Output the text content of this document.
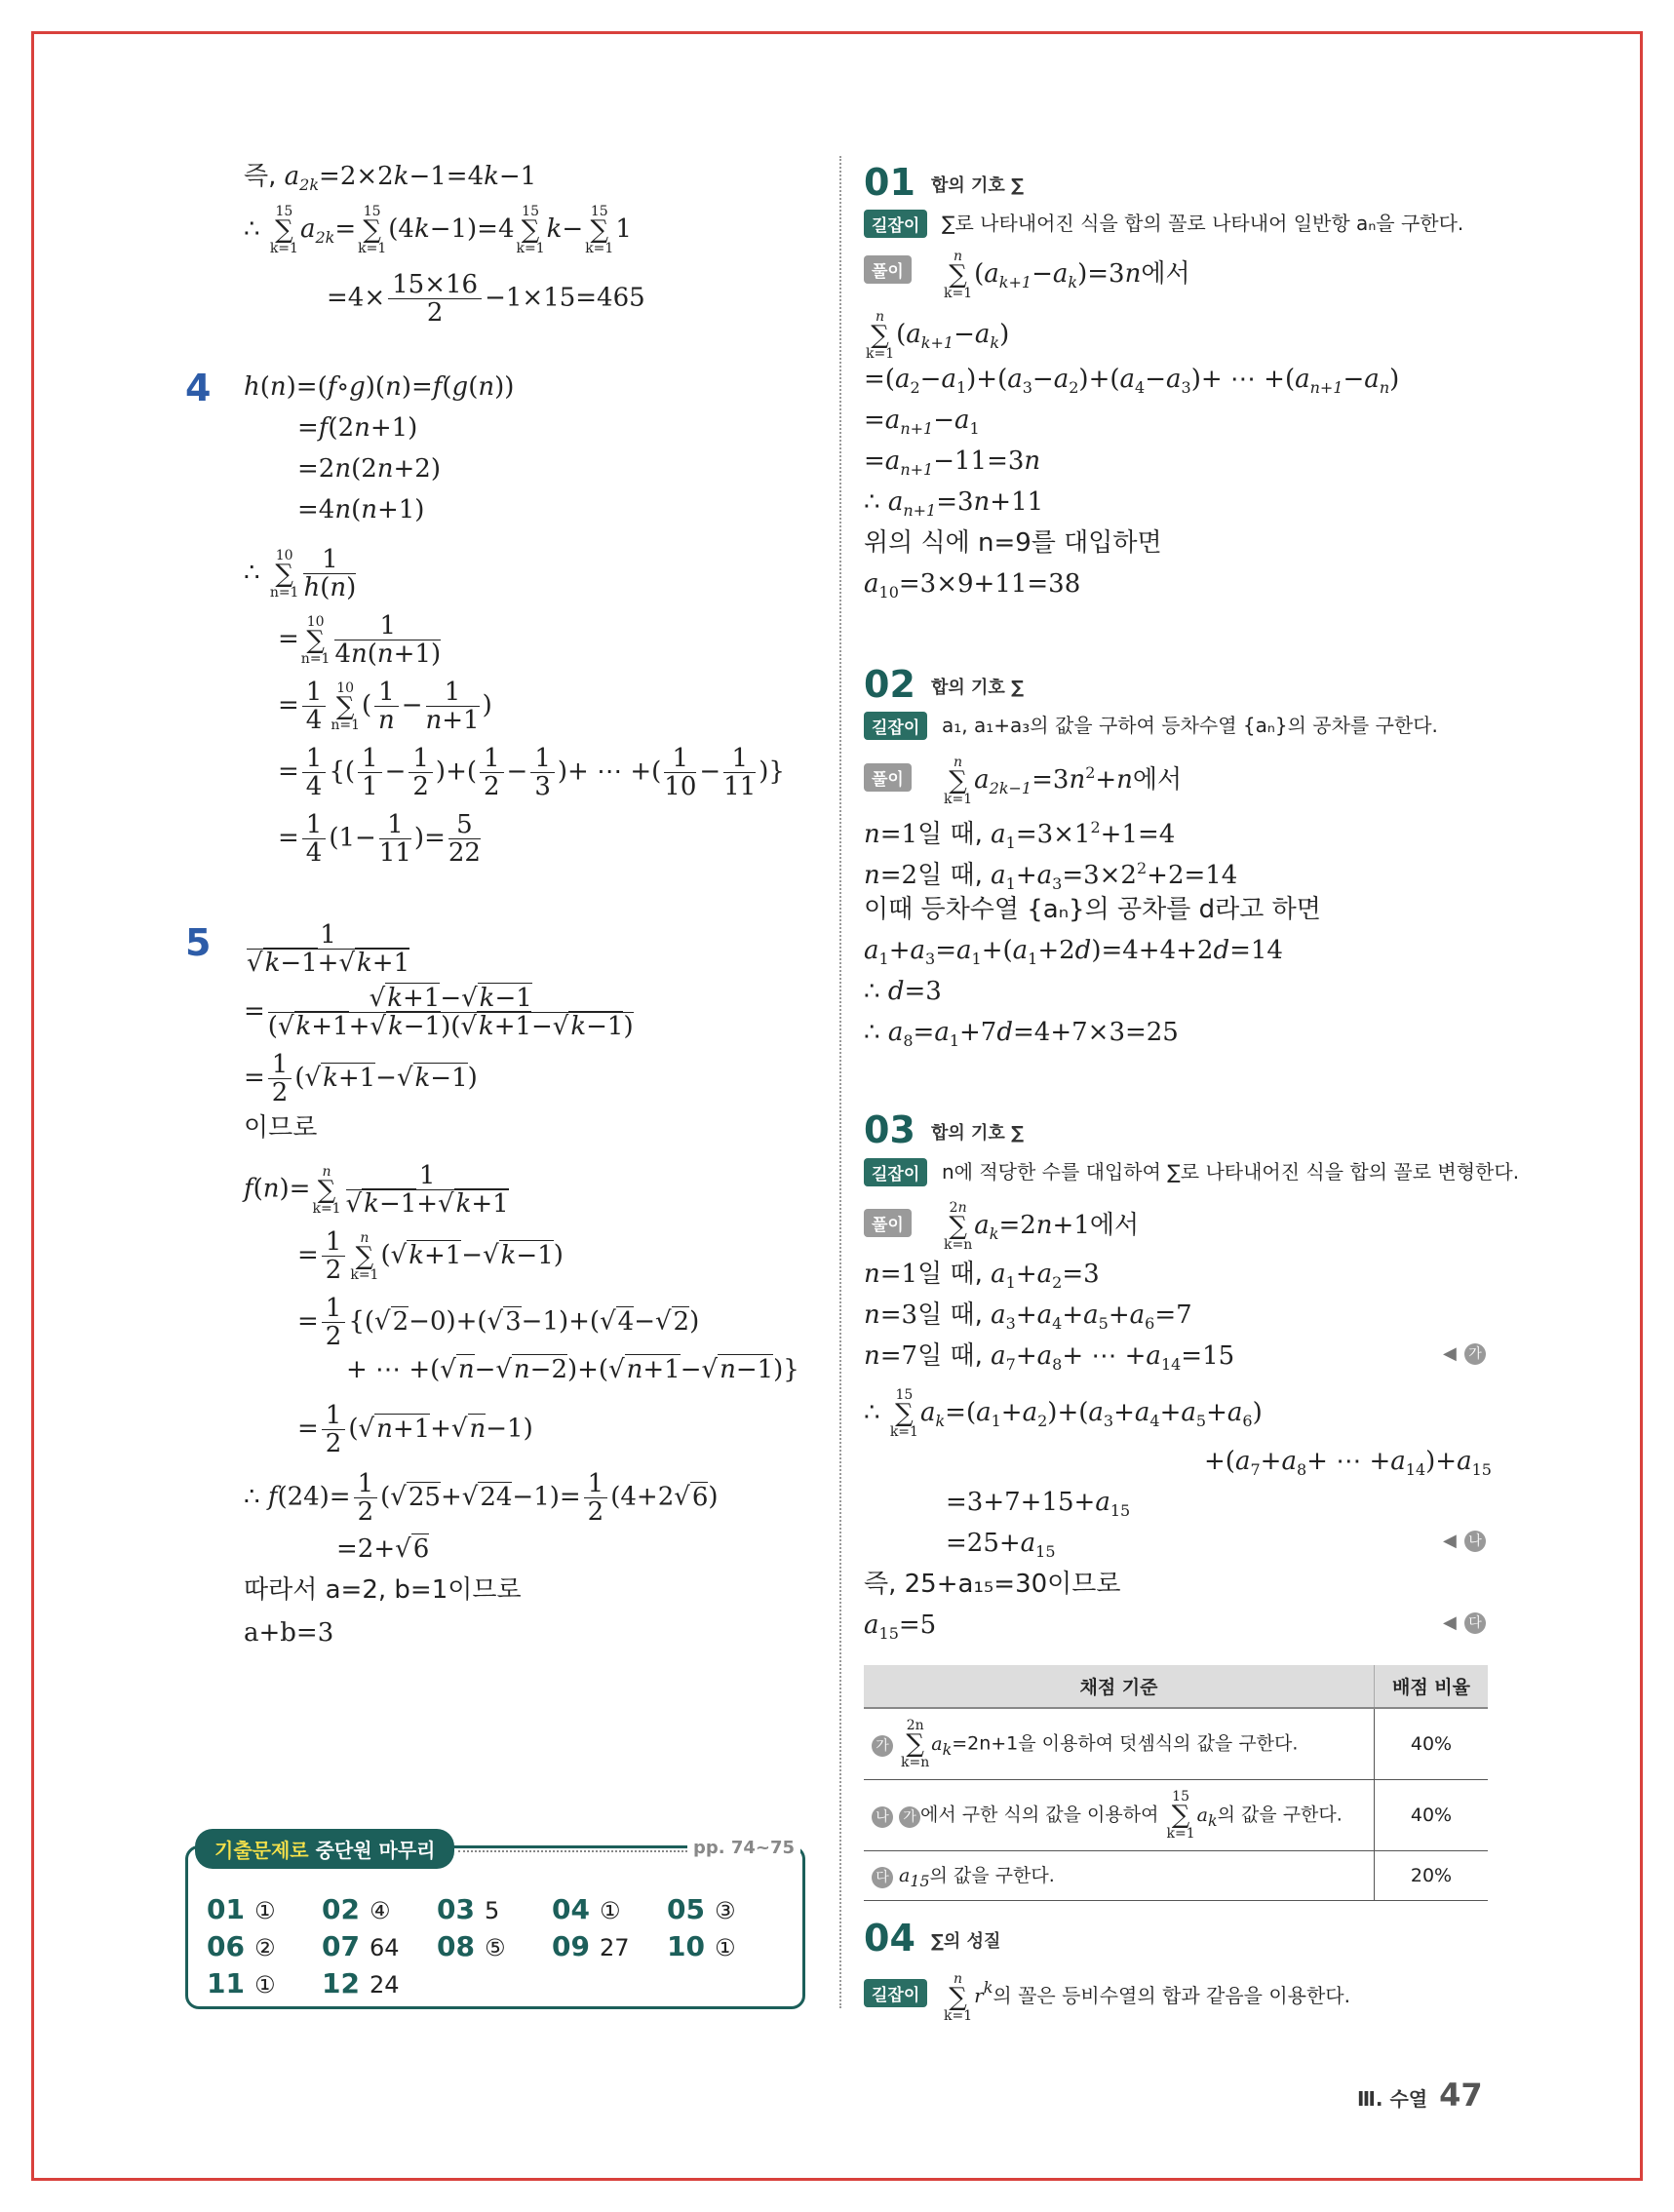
즉, $a_{2k}=2\times 2k-1=4k-1$
∴ 15
∑
$k=1a_{2k}=15$
∑
k=1(4k−1)=415
∑
k=1k−15
∑
k=11
$=4\times \frac{15\times 16}{2} -1\times 15=465$
4 h(n)=(f∘g)(n)=f(g(n))
=f(2n+1)
=2n(2n+2)
=4n(n+1)
∴ 10
∑
$n=1 \frac{1}{h(n)}$
=10
∑
$n=1 \frac{1}{4n(n+1)}$
= $\frac{1}{4} 10$
∑
$n=1( \frac{1}{n} - \frac{1}{n+1}$ )
= $\frac{1}{4}$ {( $\frac{1}{1} - \frac{1}{2}$ )+( $\frac{1}{2} - \frac{1}{3}$ )+ ⋯ +( $\frac{1}{10} - \frac{1}{11}$ )}
= $\frac{1}{4} (1- \frac{1}{11}$ )= $\frac{5}{22}$
$5 \frac{1}{√k-1+√k+1}$
= $\frac{√k+1-√k-1}{(√k+1+√k-1)(√k+1-√k-1)}$
= $\frac{1}{2} (√k+1-√k-1)$
이므로
f(n)=n
∑
$k=1 \frac{1}{√k-1+√k+1}$
= $\frac{1}{2}$ n
∑
k=1(√k+1−√k−1)
= $\frac{1}{2} \{(√2-0)+(√3-1)+(√4-√2)$
+ ⋯ +(√n−√n−2)+(√n+1−√n−1)}
= $\frac{1}{2} (√n+1+√n-1)$
∴ $f(24)= \frac{1}{2} (√25+√24-1)= \frac{1}{2} (4+2√6)$
=2+√6
따라서 a=2, b=1이므로
a+b=3
기출문제로 중단원 마무리	pp. 74~75
01 합의 기호 ∑
길잡이	∑로 나타내어진 식을 합의 꼴로 나타내어 일반항 aₙ을 구한다.
풀이
n
∑
$k=1(a_{k+1}-a_k)=3n$에서
n
∑
$k=1(a_{k+1}-a_k)$
$=(a_2-a_1)+(a_3-a_2)+(a_4-a_3)+$ ⋯ $+(a_{n+1}-a_n)$
$=a_{n+1}-a_1$
$=a_{n+1}-11=3n$
∴ $a_{n+1}=3n+11$
위의 식에 n=9를 대입하면
$a_{10}=3\times 9+11=38$
02 합의 기호 ∑
길잡이	a₁, a₁+a₃의 값을 구하여 등차수열 {aₙ}의 공차를 구한다.
풀이
n
∑
$k=1a_{2k-1}=3n^2+n$에서
n=1일 때, $a_1=3\times 1^2+1=4$
n=2일 때, $a_1+a_3=3\times 2^2+2=14$
이때 등차수열 {aₙ}의 공차를 d라고 하면
$a_1+a_3=a_1+(a_1+2d)=4+4+2d=14$
∴ d=3
∴ $a_8=a_1+7d=4+7\times 3=25$
03 합의 기호 ∑
길잡이	n에 적당한 수를 대입하여 ∑로 나타내어진 식을 합의 꼴로 변형한다.
풀이
2n
∑
$k=na_k=2n+1$에서
n=1일 때, $a_1+a_2=3$
n=3일 때, $a_3+a_4+a_5+a_6=7$
n=7일 때, $a_7+a_8+$ ⋯ $+a_{14}=15$	◀ 가
∴ 15
∑
$k=1a_k=(a_1+a_2)+(a_3+a_4+a_5+a_6)$
$+(a_7+a_8+$ ⋯ $+a_{14})+a_{15}$
$=3+7+15+a_{15}$
$=25+a_{15}$
◀ 나
즉, 25+a₁₅=30이므로
$a_{15}=5$	◀ 다
채점 기준	배점 비율
가 2n
∑
$k=na_k=2n+1$을 이용하여 덧셈식의 값을 구한다.	40%
나 가 에서 구한 식의 값을 이용하여 15
∑
$k=1a_k$의 값을 구한다.	40%
다 $a_{15}$의 값을 구한다.	20%
04 ∑의 성질
길잡이
n
∑
$k=1r^k$의 꼴은 등비수열의 합과 같음을 이용한다.
Ⅲ. 수열 47
01 ① 02 ④ 03 5 04 ① 05 ③
06 ② 07 64 08 ⑤ 09 27 10 ①
11 ① 12 24
